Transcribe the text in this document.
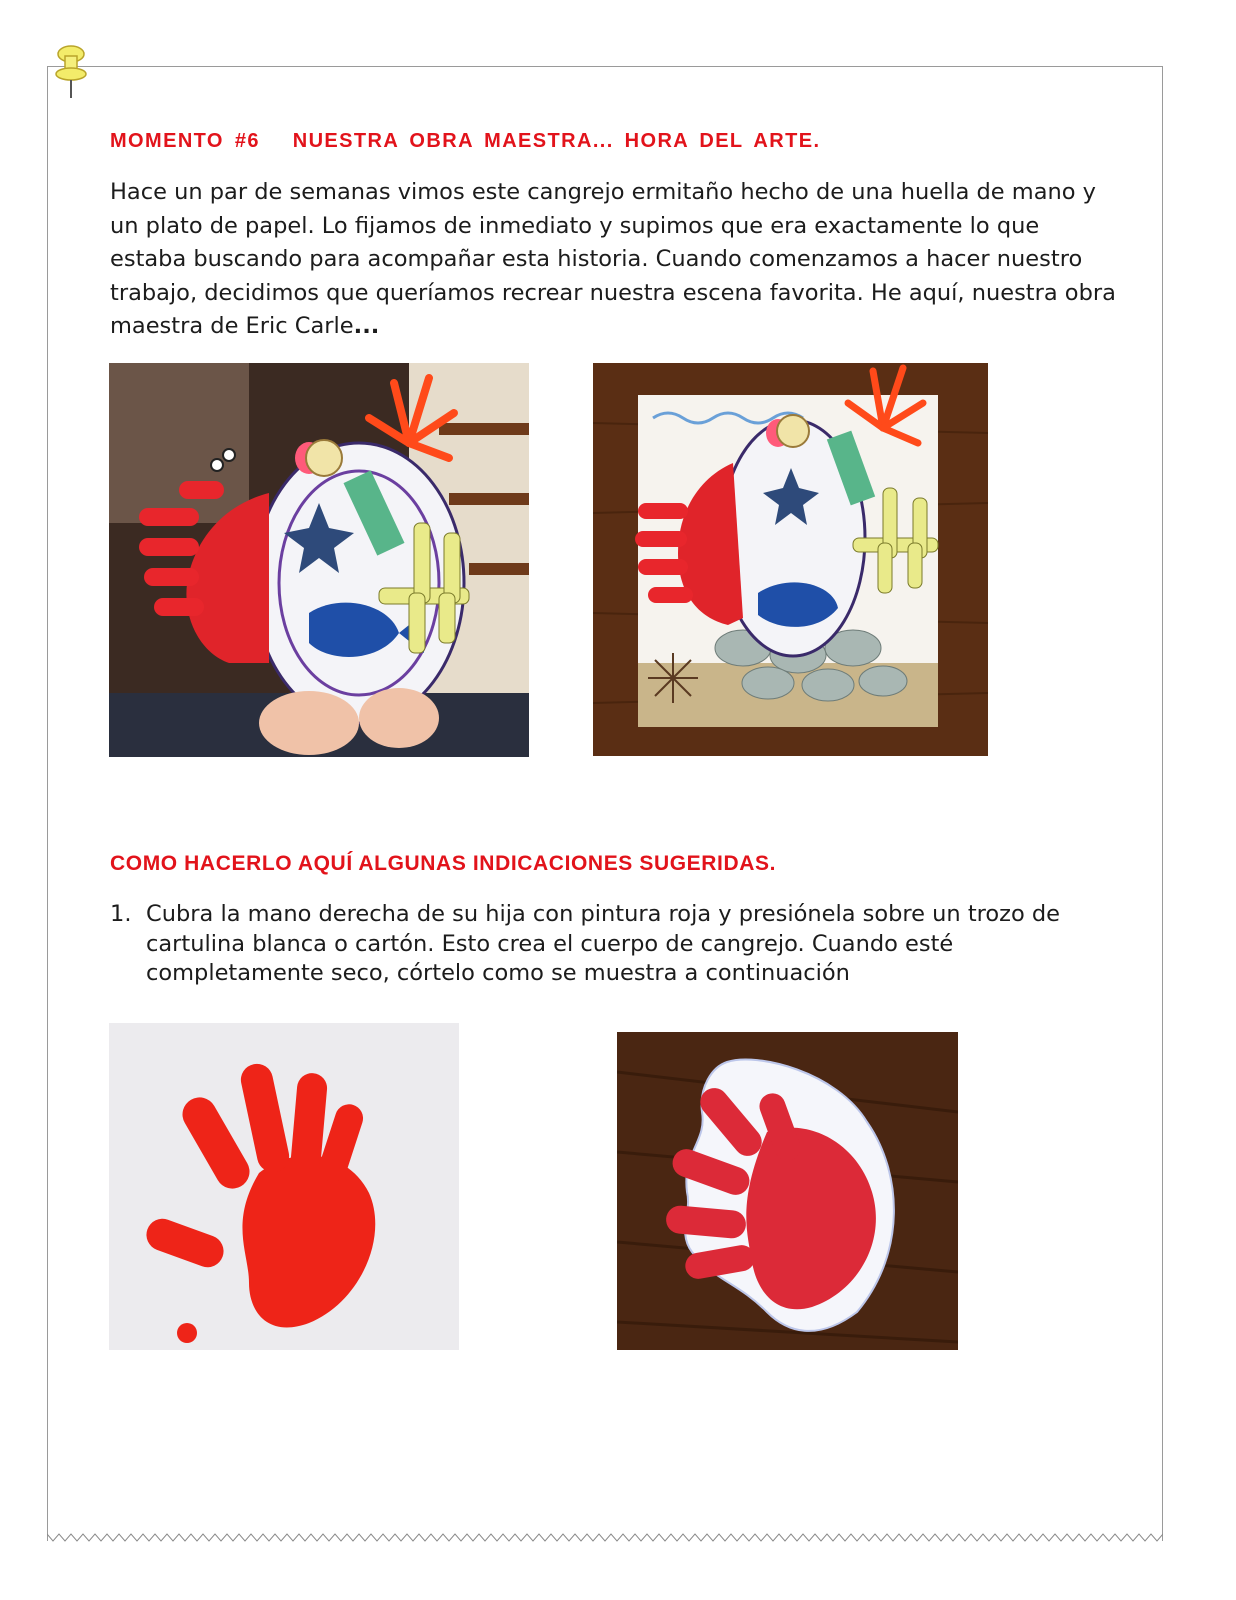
MOMENTO #6   NUESTRA OBRA MAESTRA... HORA DEL ARTE.

Hace un par de semanas vimos este cangrejo ermitaño hecho de una huella de mano y un plato de papel. Lo fijamos de inmediato y supimos que era exactamente lo que estaba buscando para acompañar esta historia. Cuando comenzamos a hacer nuestro trabajo, decidimos que queríamos recrear nuestra escena favorita. He aquí, nuestra obra maestra de Eric Carle...

COMO HACERLO AQUÍ ALGUNAS INDICACIONES SUGERIDAS.
1. Cubra la mano derecha de su hija con pintura roja y presiónela sobre un trozo de cartulina blanca o cartón. Esto crea el cuerpo de cangrejo. Cuando esté completamente seco, córtelo como se muestra a continuación
